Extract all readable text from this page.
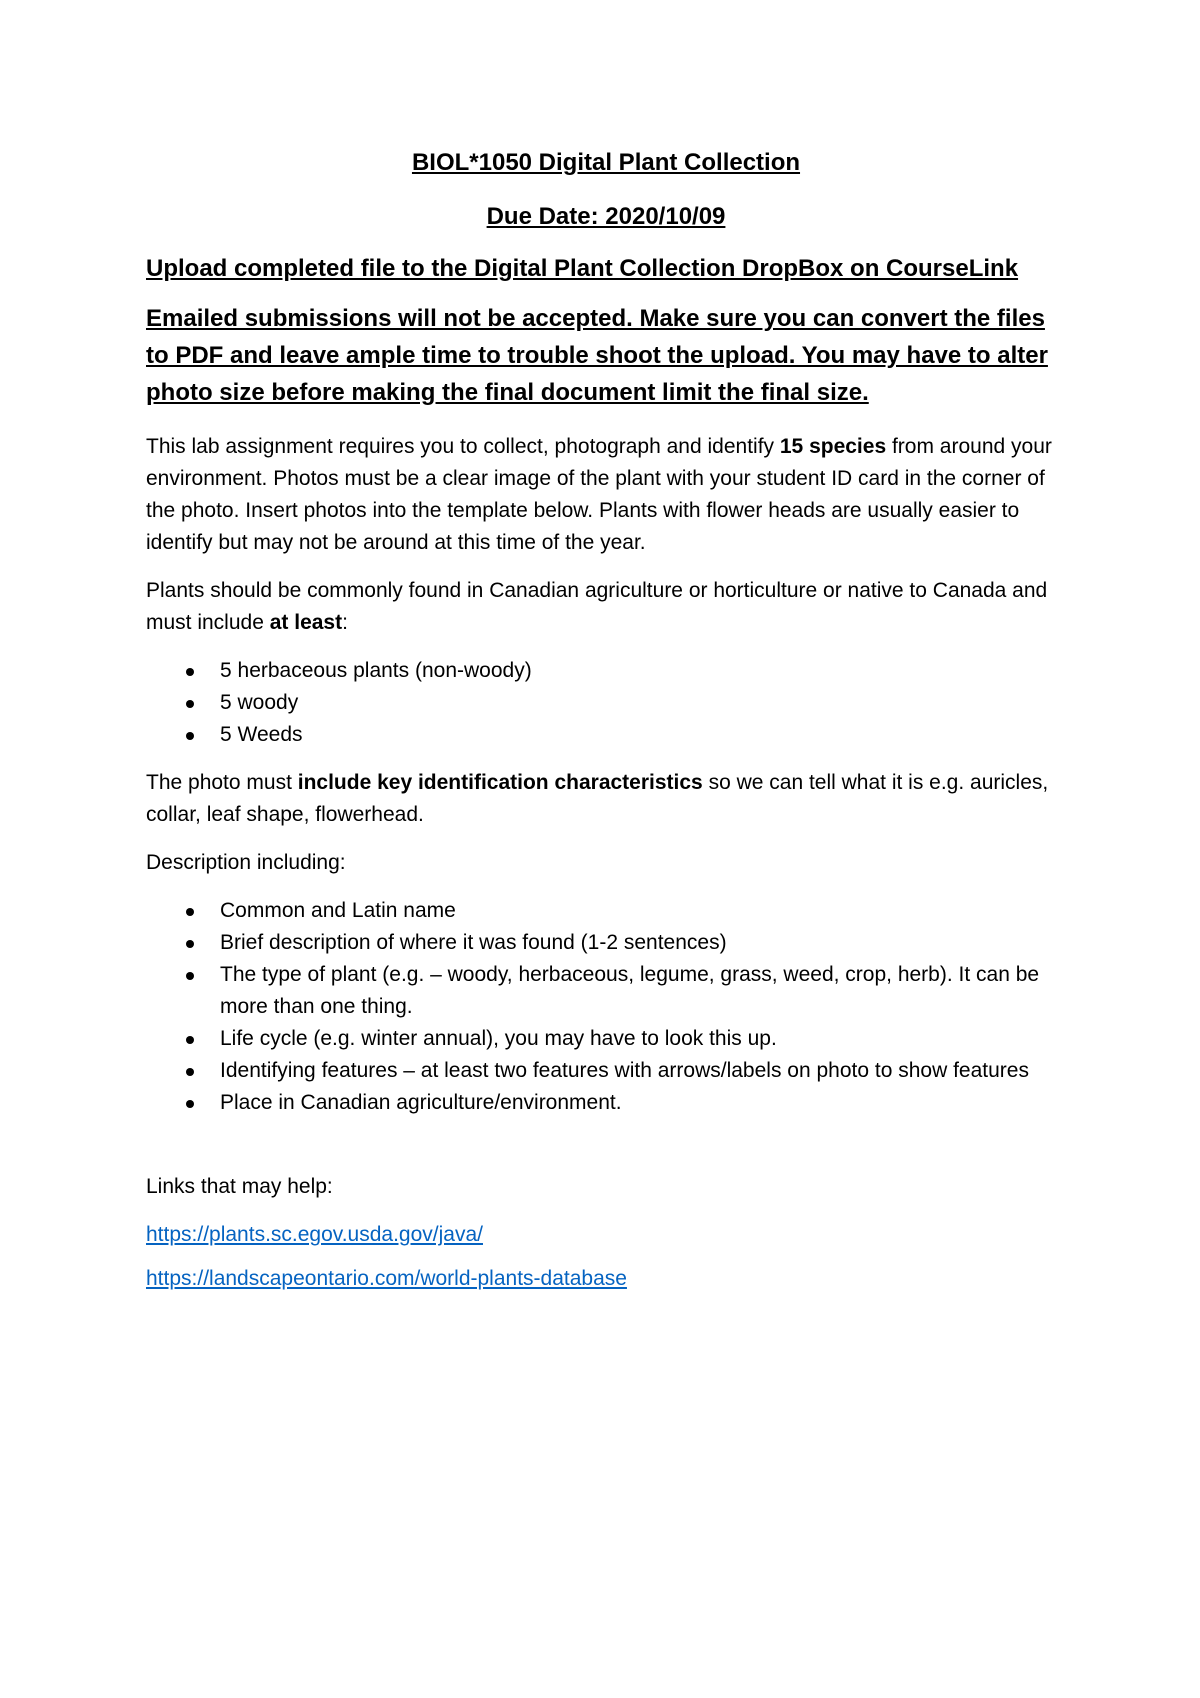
BIOL*1050 Digital Plant Collection
Due Date: 2020/10/09
Upload completed file to the Digital Plant Collection DropBox on CourseLink
Emailed submissions will not be accepted. Make sure you can convert the files to PDF and leave ample time to trouble shoot the upload. You may have to alter photo size before making the final document limit the final size.

This lab assignment requires you to collect, photograph and identify 15 species from around your environment. Photos must be a clear image of the plant with your student ID card in the corner of the photo. Insert photos into the template below. Plants with flower heads are usually easier to identify but may not be around at this time of the year.

Plants should be commonly found in Canadian agriculture or horticulture or native to Canada and must include at least:

5 herbaceous plants (non-woody)
5 woody
5 Weeds

The photo must include key identification characteristics so we can tell what it is e.g. auricles, collar, leaf shape, flowerhead.

Description including:

Common and Latin name
Brief description of where it was found (1-2 sentences)
The type of plant (e.g. – woody, herbaceous, legume, grass, weed, crop, herb). It can be more than one thing.
Life cycle (e.g. winter annual), you may have to look this up.
Identifying features – at least two features with arrows/labels on photo to show features
Place in Canadian agriculture/environment.

Links that may help:

https://plants.sc.egov.usda.gov/java/

https://landscapeontario.com/world-plants-database
